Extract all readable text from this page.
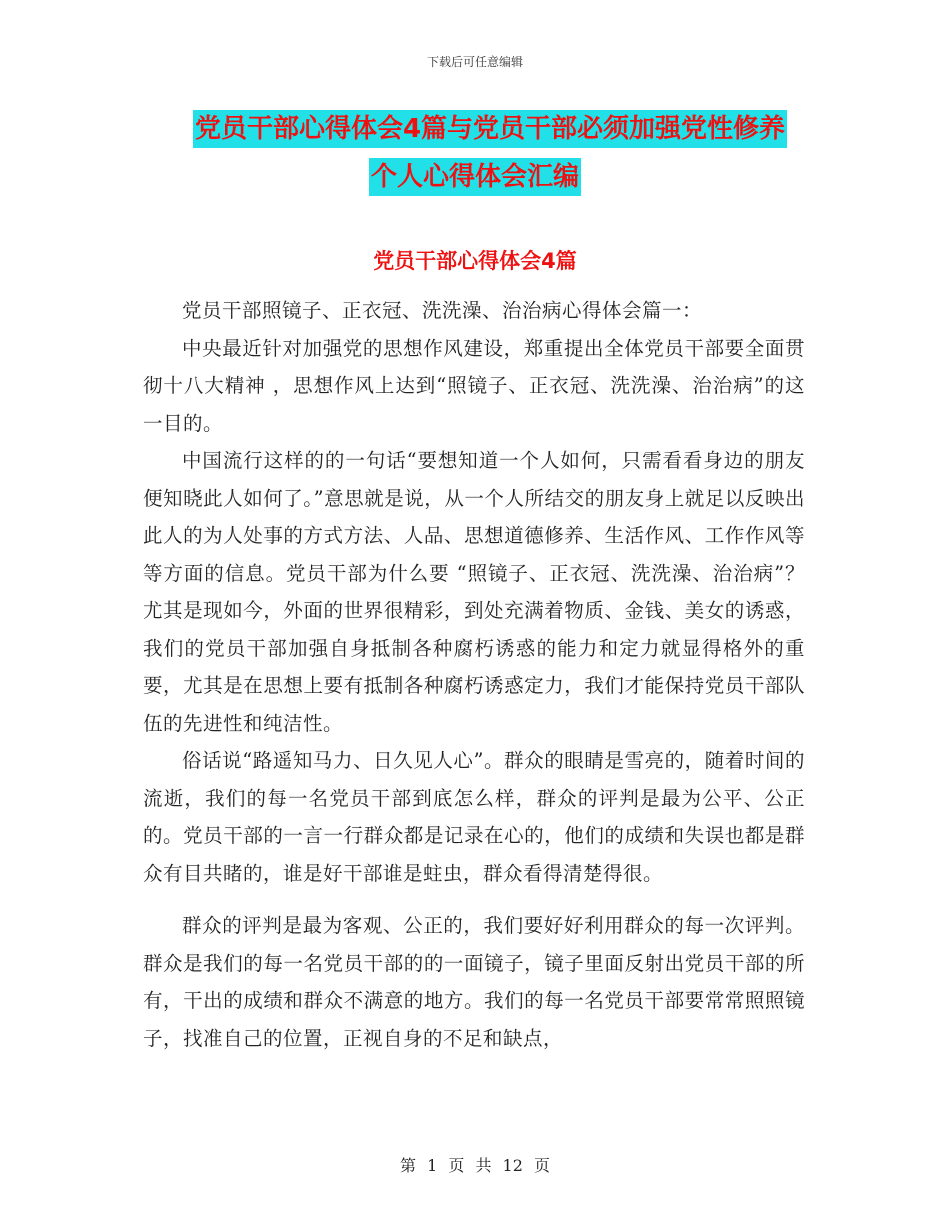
下载后可任意编辑
党员干部心得体会4篇与党员干部必须加强党性修养
个人心得体会汇编
党员干部心得体会4篇

党员干部照镜子、正衣冠、洗洗澡、治治病心得体会篇一：

中央最近针对加强党的思想作风建设，郑重提出全体党员干部要全面贯彻十八大精神 ，思想作风上达到“照镜子、正衣冠、洗洗澡、治治病”的这一目的。

中国流行这样的的一句话“要想知道一个人如何，只需看看身边的朋友便知晓此人如何了。”意思就是说，从一个人所结交的朋友身上就足以反映出此人的为人处事的方式方法、人品、思想道德修养、生活作风、工作作风等等方面的信息。党员干部为什么要 “照镜子、正衣冠、洗洗澡、治治病”？尤其是现如今，外面的世界很精彩，到处充满着物质、金钱、美女的诱惑，我们的党员干部加强自身抵制各种腐朽诱惑的能力和定力就显得格外的重要，尤其是在思想上要有抵制各种腐朽诱惑定力，我们才能保持党员干部队伍的先进性和纯洁性。

俗话说“路遥知马力、日久见人心”。群众的眼睛是雪亮的，随着时间的流逝，我们的每一名党员干部到底怎么样，群众的评判是最为公平、公正的。党员干部的一言一行群众都是记录在心的，他们的成绩和失误也都是群众有目共睹的，谁是好干部谁是蛀虫，群众看得清楚得很。

群众的评判是最为客观、公正的，我们要好好利用群众的每一次评判。群众是我们的每一名党员干部的的一面镜子，镜子里面反射出党员干部的所有，干出的成绩和群众不满意的地方。我们的每一名党员干部要常常照照镜子，找准自己的位置，正视自身的不足和缺点，

第 1 页 共 12 页
